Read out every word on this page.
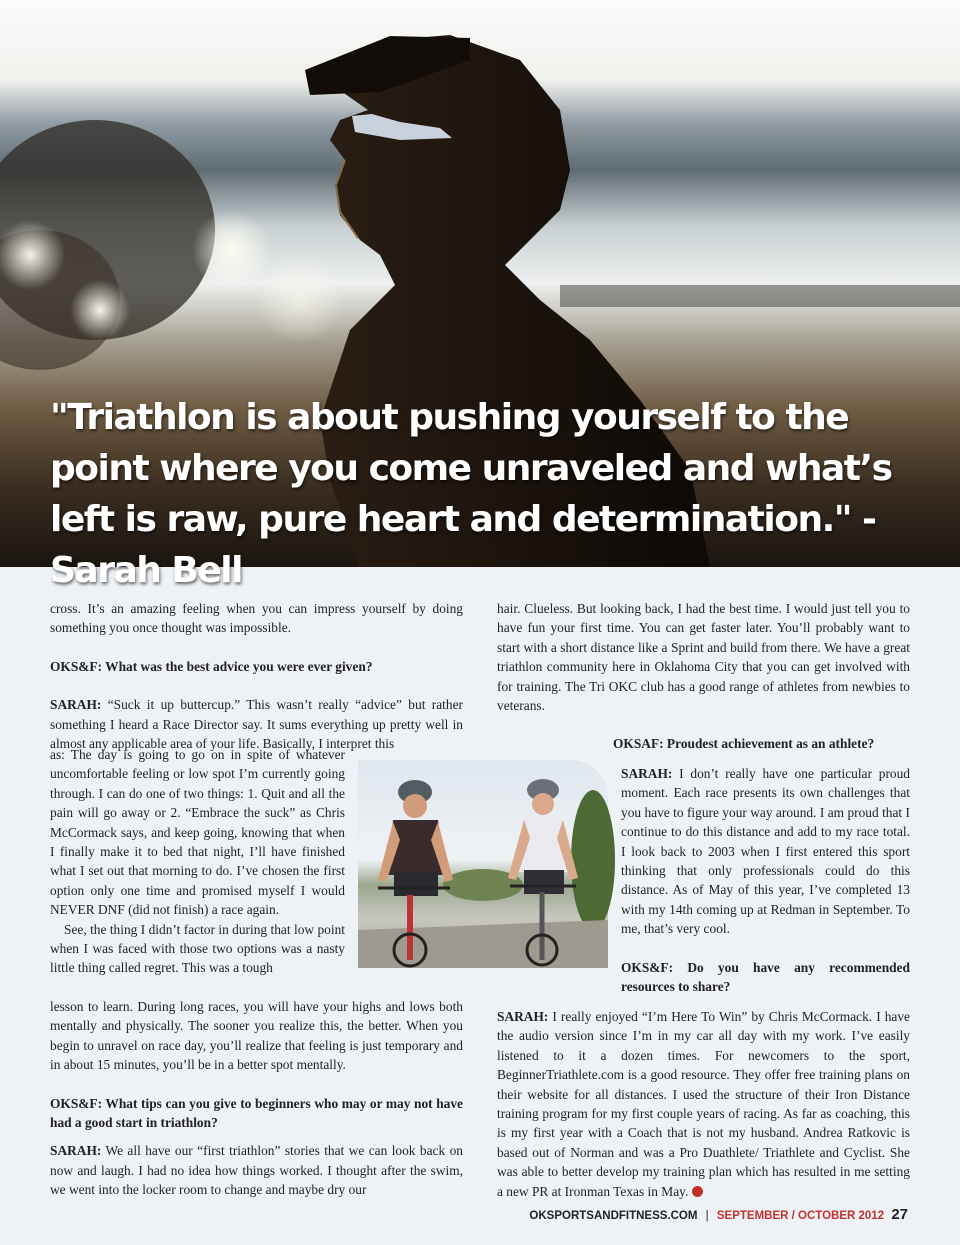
"Triathlon is about pushing yourself to the point where you come unraveled and what’s left is raw, pure heart and determination." - Sarah Bell

cross. It’s an amazing feeling when you can impress yourself by doing something you once thought was impossible.

OKS&F: What was the best advice you were ever given?

SARAH: “Suck it up buttercup.” This wasn’t really “advice” but rather something I heard a Race Director say. It sums everything up pretty well in almost any applicable area of your life. Basically, I interpret this

as: The day is going to go on in spite of whatever uncomfortable feeling or low spot I’m currently going through. I can do one of two things: 1. Quit and all the pain will go away or 2. “Embrace the suck” as Chris McCormack says, and keep going, knowing that when I finally make it to bed that night, I’ll have finished what I set out that morning to do. I’ve chosen the first option only one time and promised myself I would NEVER DNF (did not finish) a race again.

See, the thing I didn’t factor in during that low point when I was faced with those two options was a nasty little thing called regret. This was a tough

lesson to learn. During long races, you will have your highs and lows both mentally and physically. The sooner you realize this, the better. When you begin to unravel on race day, you’ll realize that feeling is just temporary and in about 15 minutes, you’ll be in a better spot mentally.

OKS&F: What tips can you give to beginners who may or may not have had a good start in triathlon?

SARAH: We all have our “first triathlon” stories that we can look back on now and laugh. I had no idea how things worked. I thought after the swim, we went into the locker room to change and maybe dry our

hair. Clueless. But looking back, I had the best time. I would just tell you to have fun your first time. You can get faster later. You’ll probably want to start with a short distance like a Sprint and build from there. We have a great triathlon community here in Oklahoma City that you can get involved with for training. The Tri OKC club has a good range of athletes from newbies to veterans.

OKSAF: Proudest achievement as an athlete?

SARAH: I don’t really have one particular proud moment. Each race presents its own challenges that you have to figure your way around. I am proud that I continue to do this distance and add to my race total. I look back to 2003 when I first entered this sport thinking that only professionals could do this distance. As of May of this year, I’ve completed 13 with my 14th coming up at Redman in September. To me, that’s very cool.

OKS&F: Do you have any recommended resources to share?

SARAH: I really enjoyed “I’m Here To Win” by Chris McCormack. I have the audio version since I’m in my car all day with my work. I’ve easily listened to it a dozen times. For newcomers to the sport, BeginnerTriathlete.com is a good resource. They offer free training plans on their website for all distances. I used the structure of their Iron Distance training program for my first couple years of racing. As far as coaching, this is my first year with a Coach that is not my husband. Andrea Ratkovic is based out of Norman and was a Pro Duathlete/ Triathlete and Cyclist. She was able to better develop my training plan which has resulted in me setting a new PR at Ironman Texas in May.

OKSPORTSANDFITNESS.COM | SEPTEMBER / OCTOBER 2012 27
